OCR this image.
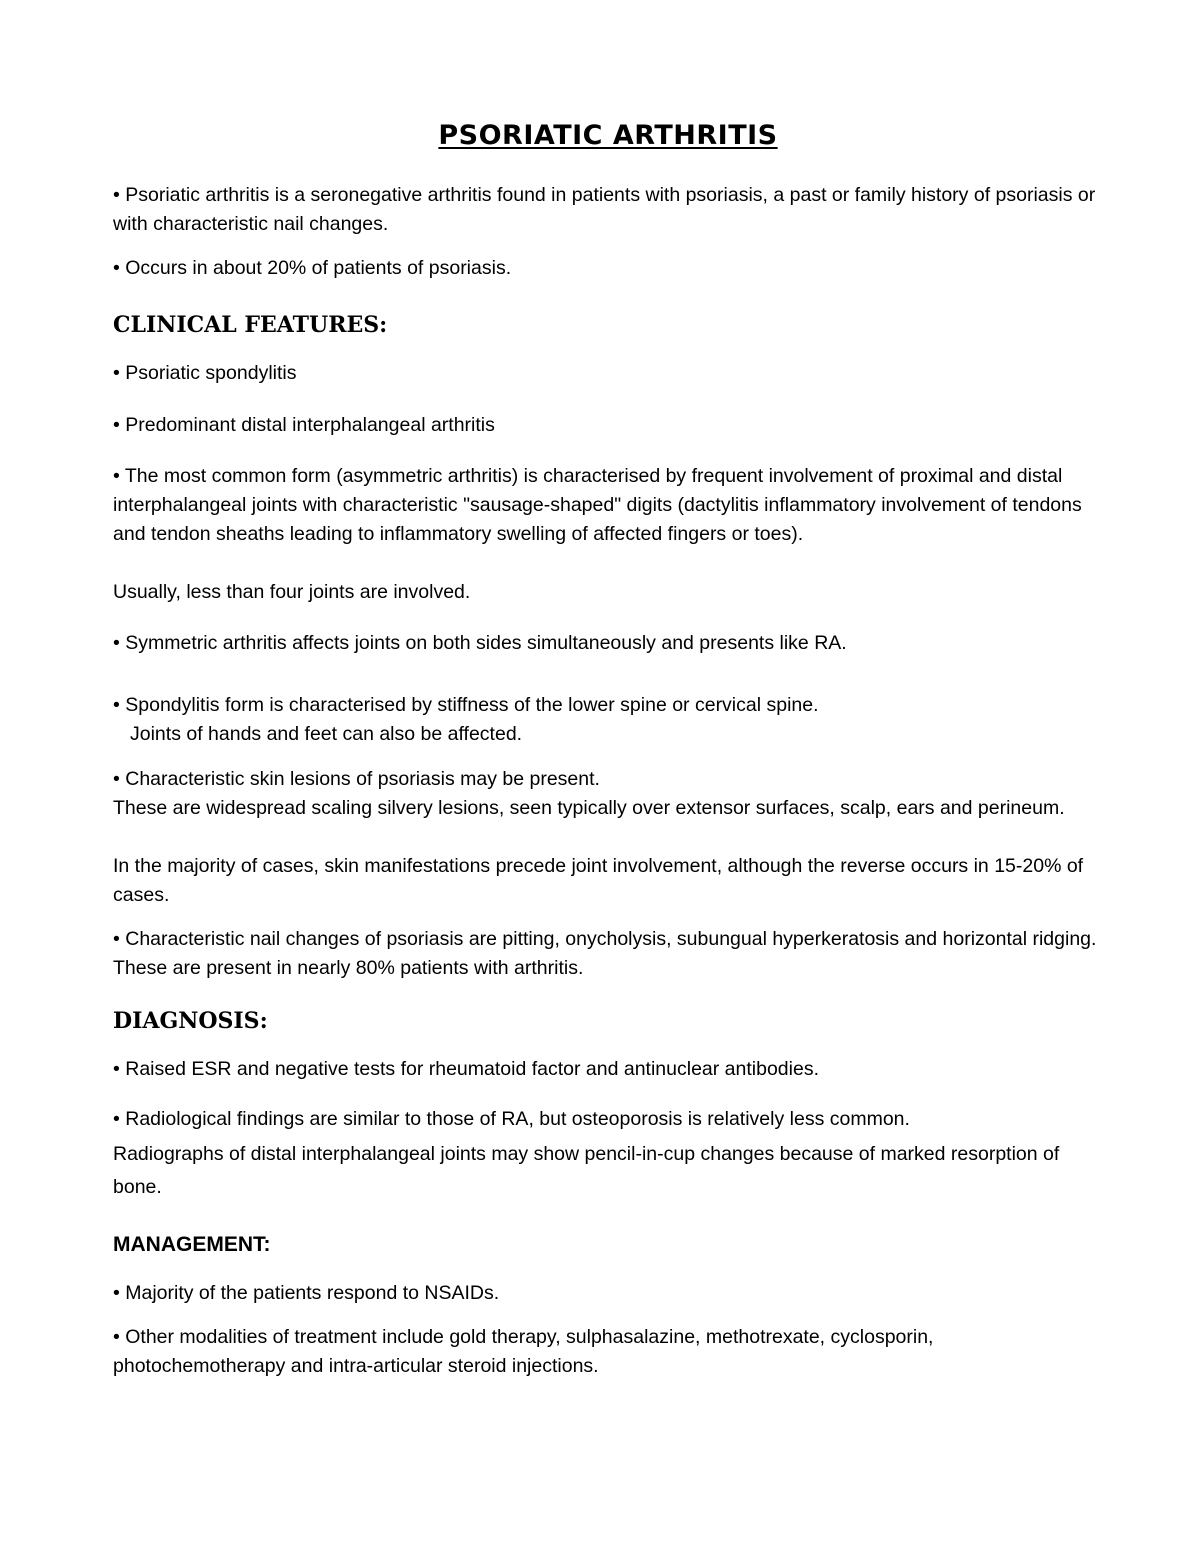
PSORIATIC ARTHRITIS

• Psoriatic arthritis is a seronegative arthritis found in patients with psoriasis, a past or family history of psoriasis or with characteristic nail changes.

• Occurs in about 20% of patients of psoriasis.

CLINICAL FEATURES:

• Psoriatic spondylitis

• Predominant distal interphalangeal arthritis

• The most common form (asymmetric arthritis) is characterised by frequent involvement of proximal and distal interphalangeal joints with characteristic "sausage-shaped" digits (dactylitis inflammatory involvement of tendons and tendon sheaths leading to inflammatory swelling of affected fingers or toes).

Usually, less than four joints are involved.

• Symmetric arthritis affects joints on both sides simultaneously and presents like RA.

• Spondylitis form is characterised by stiffness of the lower spine or cervical spine.

Joints of hands and feet can also be affected.

• Characteristic skin lesions of psoriasis may be present.

These are widespread scaling silvery lesions, seen typically over extensor surfaces, scalp, ears and perineum.

In the majority of cases, skin manifestations precede joint involvement, although the reverse occurs in 15-20% of cases.

• Characteristic nail changes of psoriasis are pitting, onycholysis, subungual hyperkeratosis and horizontal ridging. These are present in nearly 80% patients with arthritis.

DIAGNOSIS:

• Raised ESR and negative tests for rheumatoid factor and antinuclear antibodies.

• Radiological findings are similar to those of RA, but osteoporosis is relatively less common.

Radiographs of distal interphalangeal joints may show pencil-in-cup changes because of marked resorption of bone.

MANAGEMENT:

• Majority of the patients respond to NSAIDs.

• Other modalities of treatment include gold therapy, sulphasalazine, methotrexate, cyclosporin, photochemotherapy and intra-articular steroid injections.
